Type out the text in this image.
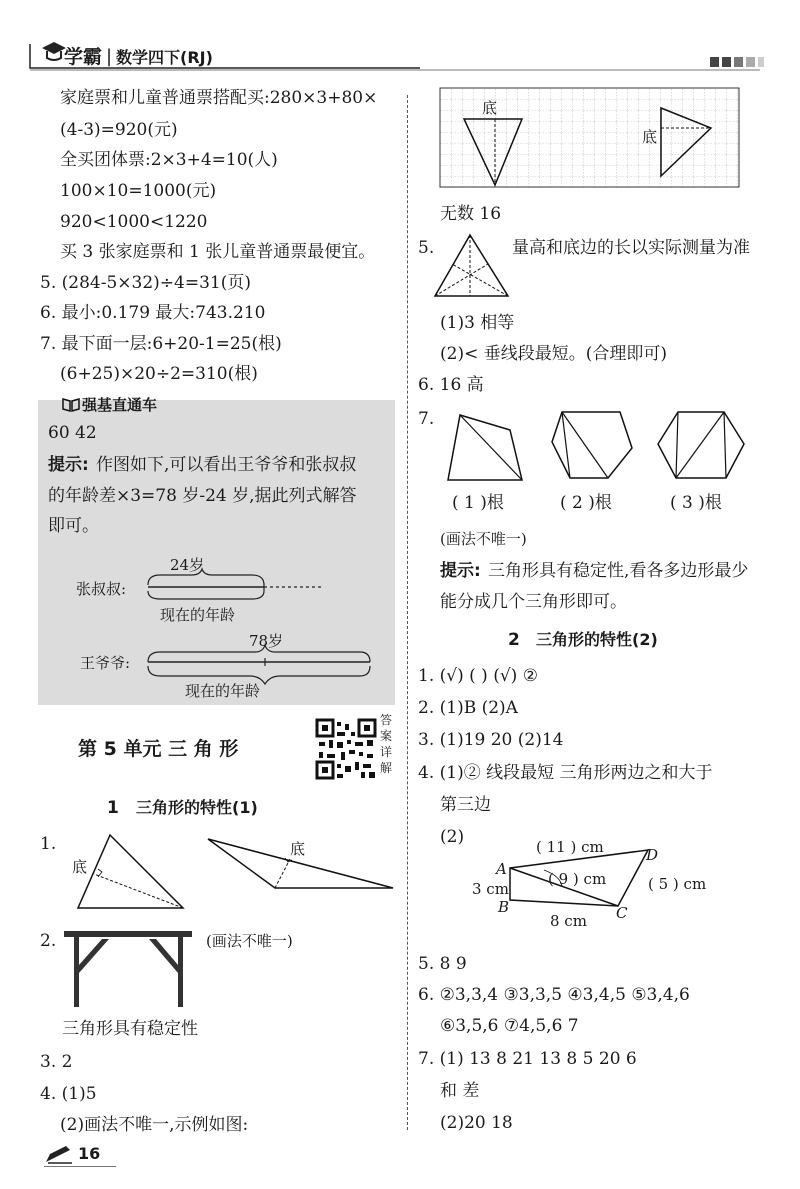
学霸 | 数学四下(RJ)
家庭票和儿童普通票搭配买:280×3+80×
(4-3)=920(元)
全买团体票:2×3+4=10(人)
100×10=1000(元)
920<1000<1220
买 3 张家庭票和 1 张儿童普通票最便宜。
5. (284-5×32)÷4=31(页)
6. 最小:0.179 最大:743.210
7. 最下面一层:6+20-1=25(根)
(6+25)×20÷2=310(根)
强基直通车
60 42
提示: 作图如下,可以看出王爷爷和张叔叔
的年龄差×3=78 岁-24 岁,据此列式解答
即可。
24岁
张叔叔:
现在的年龄
78岁
王爷爷:
现在的年龄
第 5 单元 三 角 形
答案详解
1 三角形的特性(1)
1.
底
底
2.	(画法不唯一)
三角形具有稳定性
3. 2
4. (1)5
(2)画法不唯一,示例如图:
16
底
底
无数 16
5.	量高和底边的长以实际测量为准
(1)3 相等
(2)< 垂线段最短。(合理即可)
6. 16 高
7.
( 1 )根	( 2 )根	( 3 )根
(画法不唯一)
提示: 三角形具有稳定性,看各多边形最少
能分成几个三角形即可。
2 三角形的特性(2)
1. (√) ( ) (√) ②
2. (1)B (2)A
3. (1)19 20 (2)14
4. (1)② 线段最短 三角形两边之和大于
第三边
(2)
A
B	C
D
( 11 ) cm
( 9 ) cm	( 5 ) cm
3 cm
8 cm
5. 8 9
6. ②3,3,4 ③3,3,5 ④3,4,5 ⑤3,4,6
⑥3,5,6 ⑦4,5,6 7
7. (1) 13 8 21 13 8 5 20 6
和 差
(2)20 18
